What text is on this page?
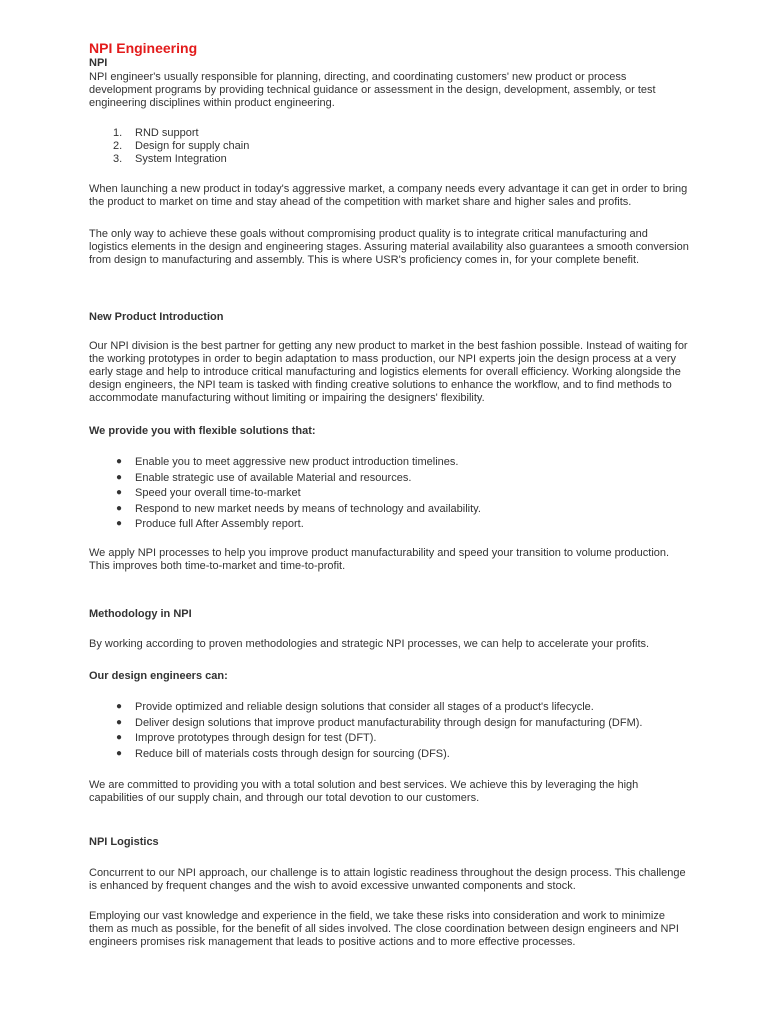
NPI Engineering

NPI

NPI engineer's usually responsible for planning, directing, and coordinating customers' new product or process development programs by providing technical guidance or assessment in the design, development, assembly, or test engineering disciplines within product engineering.

1. RND support
2. Design for supply chain
3. System Integration

When launching a new product in today's aggressive market, a company needs every advantage it can get in order to bring the product to market on time and stay ahead of the competition with market share and higher sales and profits.

The only way to achieve these goals without compromising product quality is to integrate critical manufacturing and logistics elements in the design and engineering stages. Assuring material availability also guarantees a smooth conversion from design to manufacturing and assembly. This is where USR's proficiency comes in, for your complete benefit.

New Product Introduction

Our NPI division is the best partner for getting any new product to market in the best fashion possible. Instead of waiting for the working prototypes in order to begin adaptation to mass production, our NPI experts join the design process at a very early stage and help to introduce critical manufacturing and logistics elements for overall efficiency. Working alongside the design engineers, the NPI team is tasked with finding creative solutions to enhance the workflow, and to find methods to accommodate manufacturing without limiting or impairing the designers' flexibility.

We provide you with flexible solutions that:

● Enable you to meet aggressive new product introduction timelines.
● Enable strategic use of available Material and resources.
● Speed your overall time-to-market
● Respond to new market needs by means of technology and availability.
● Produce full After Assembly report.

We apply NPI processes to help you improve product manufacturability and speed your transition to volume production. This improves both time-to-market and time-to-profit.

Methodology in NPI

By working according to proven methodologies and strategic NPI processes, we can help to accelerate your profits.

Our design engineers can:

● Provide optimized and reliable design solutions that consider all stages of a product's lifecycle.
● Deliver design solutions that improve product manufacturability through design for manufacturing (DFM).
● Improve prototypes through design for test (DFT).
● Reduce bill of materials costs through design for sourcing (DFS).

We are committed to providing you with a total solution and best services. We achieve this by leveraging the high capabilities of our supply chain, and through our total devotion to our customers.

NPI Logistics

Concurrent to our NPI approach, our challenge is to attain logistic readiness throughout the design process. This challenge is enhanced by frequent changes and the wish to avoid excessive unwanted components and stock.

Employing our vast knowledge and experience in the field, we take these risks into consideration and work to minimize them as much as possible, for the benefit of all sides involved. The close coordination between design engineers and NPI engineers promises risk management that leads to positive actions and to more effective processes.
